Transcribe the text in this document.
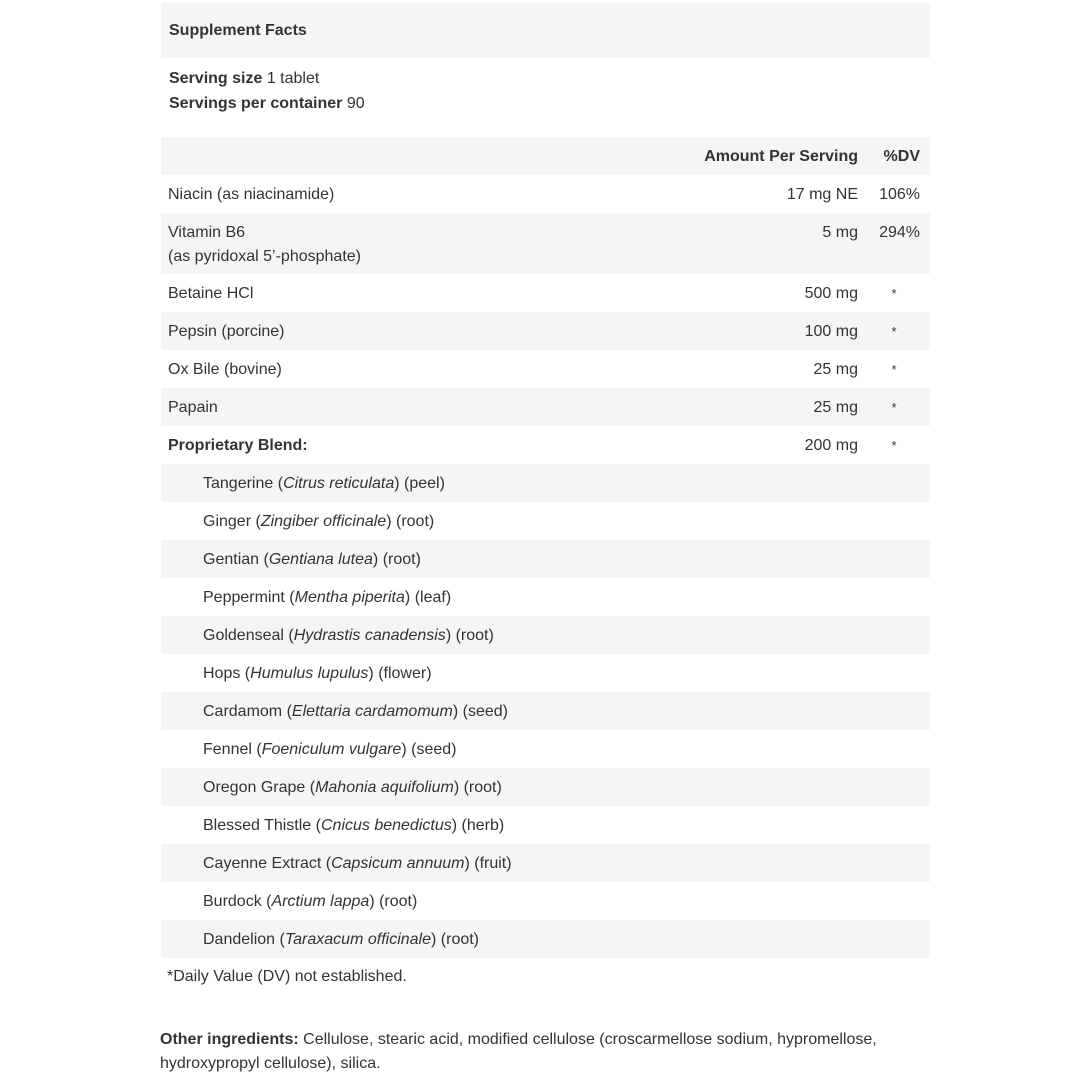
Supplement Facts
Serving size 1 tablet
Servings per container 90
Amount Per Serving	%DV
Niacin (as niacinamide)	17 mg NE	106%
Vitamin B6
(as pyridoxal 5’-phosphate)
5 mg	294%
Betaine HCl	500 mg	*
Pepsin (porcine)	100 mg	*
Ox Bile (bovine)	25 mg	*
Papain	25 mg	*
Proprietary Blend:	200 mg	*
Tangerine (Citrus reticulata) (peel)
Ginger (Zingiber officinale) (root)
Gentian (Gentiana lutea) (root)
Peppermint (Mentha piperita) (leaf)
Goldenseal (Hydrastis canadensis) (root)
Hops (Humulus lupulus) (flower)
Cardamom (Elettaria cardamomum) (seed)
Fennel (Foeniculum vulgare) (seed)
Oregon Grape (Mahonia aquifolium) (root)
Blessed Thistle (Cnicus benedictus) (herb)
Cayenne Extract (Capsicum annuum) (fruit)
Burdock (Arctium lappa) (root)
Dandelion (Taraxacum officinale) (root)
*Daily Value (DV) not established.
Other ingredients: Cellulose, stearic acid, modified cellulose (croscarmellose sodium, hypromellose, hydroxypropyl cellulose), silica.
